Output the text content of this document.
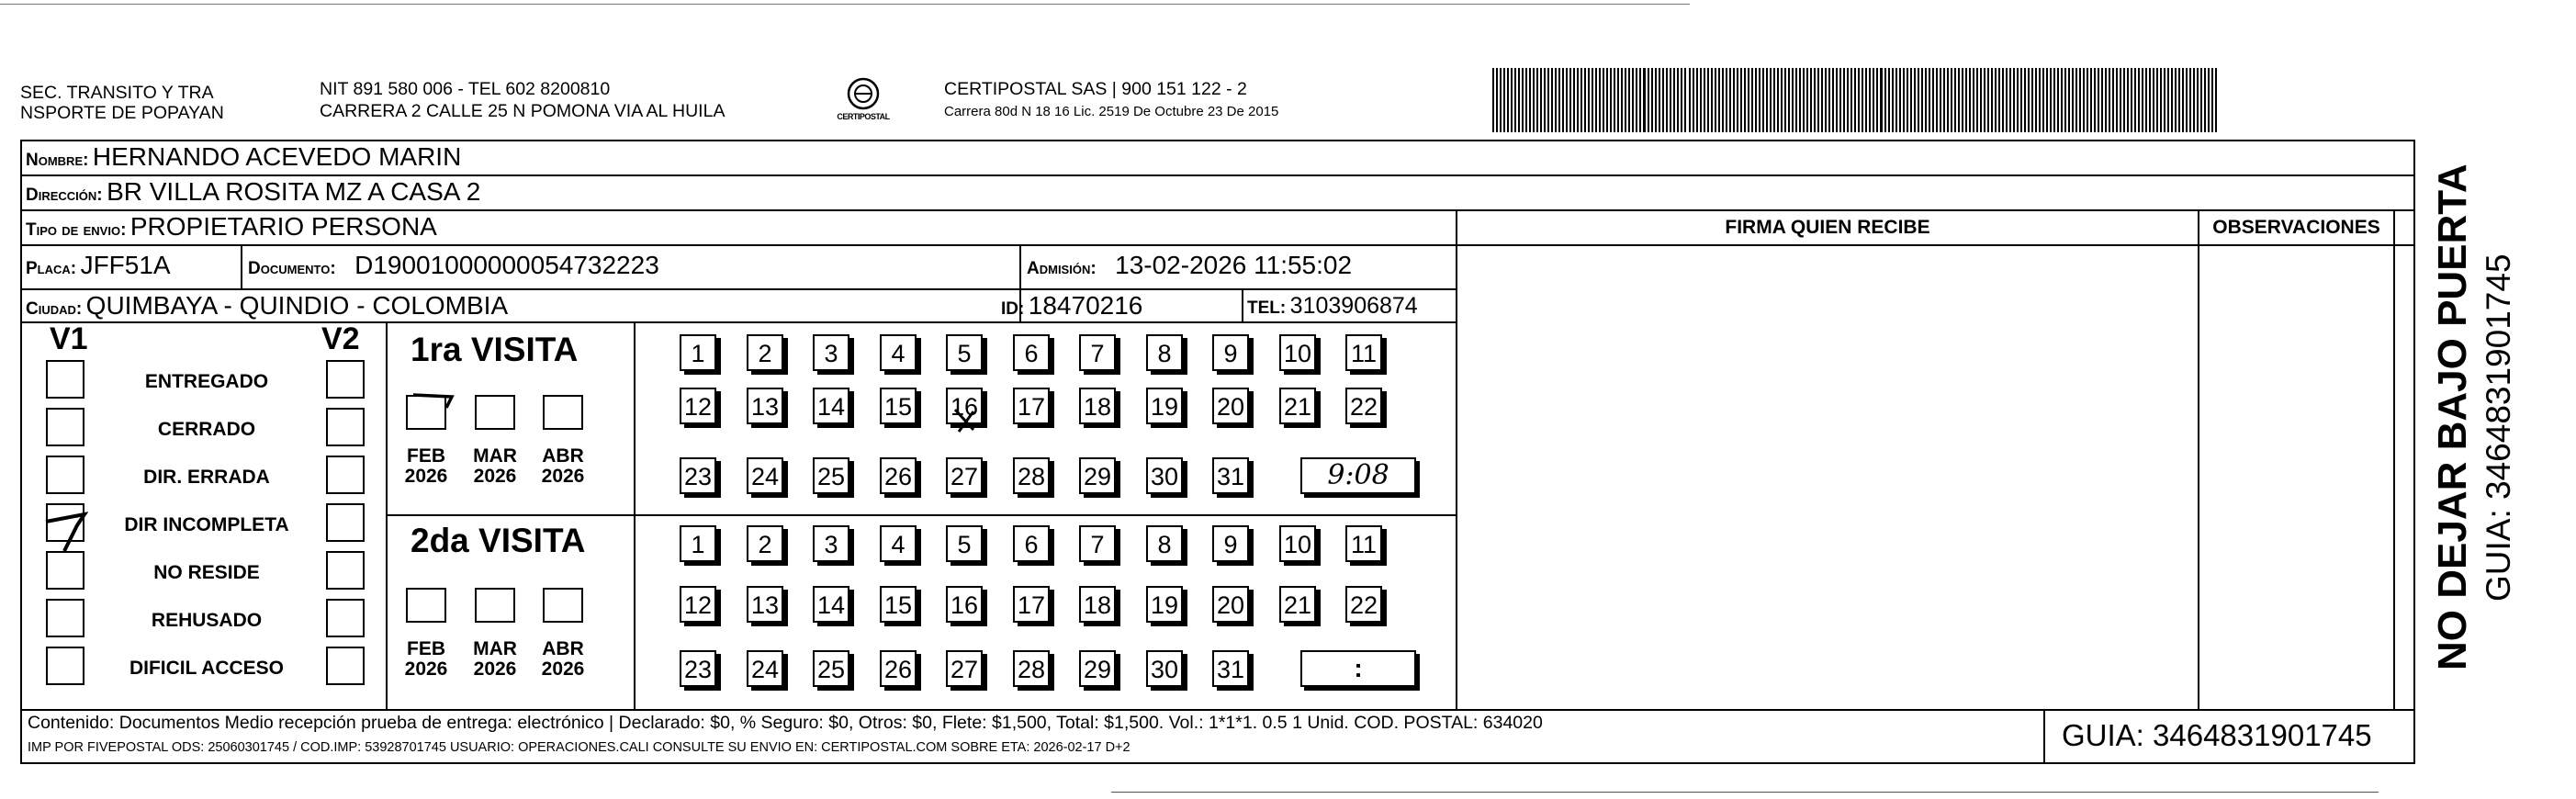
SEC. TRANSITO Y TRA
NSPORTE DE POPAYAN
NIT 891 580 006 - TEL 602 8200810
CARRERA 2 CALLE 25 N POMONA VIA AL HUILA	CERTIPOSTAL
CERTIPOSTAL SAS | 900 151 122 - 2
Carrera 80d N 18 16 Lic. 2519 De Octubre 23 De 2015
Nombre: HERNANDO ACEVEDO MARIN
Dirección: BR VILLA ROSITA MZ A CASA 2
Tipo de envio: PROPIETARIO PERSONA
Placa: JFF51A	Documento: D19001000000054732223	Admisión: 13-02-2026 11:55:02
Ciudad: QUIMBAYA - QUINDIO - COLOMBIA	ID: 18470216	TEL: 3103906874
FIRMA QUIEN RECIBE	OBSERVACIONES
V1	V2
ENTREGADO
CERRADO
DIR. ERRADA
DIR INCOMPLETA
NO RESIDE
REHUSADO
DIFICIL ACCESO
1ra VISITA
2da VISITA
FEB
2026
MAR
2026
ABR
2026
FEB
2026
MAR
2026
ABR
2026
1	2	3	4	5	6	7	8	9	10 11
12 13 14 15 16 17 18 19 20 21 22
23 24 25 26 27 28 29 30 31
1	2	3	4	5	6	7	8	9	10 11
12 13 14 15 16 17 18 19 20 21 22
23 24 25 26 27 28 29 30 31
9:08
:
Contenido: Documentos Medio recepción prueba de entrega: electrónico | Declarado: $0, % Seguro: $0, Otros: $0, Flete: $1,500, Total: $1,500. Vol.: 1*1*1. 0.5 1 Unid. COD. POSTAL: 634020
IMP POR FIVEPOSTAL ODS: 25060301745 / COD.IMP: 53928701745 USUARIO: OPERACIONES.CALI CONSULTE SU ENVIO EN: CERTIPOSTAL.COM SOBRE ETA: 2026-02-17 D+2	GUIA: 3464831901745
NO DEJAR BAJO PUERTA GUIA: 3464831901745
